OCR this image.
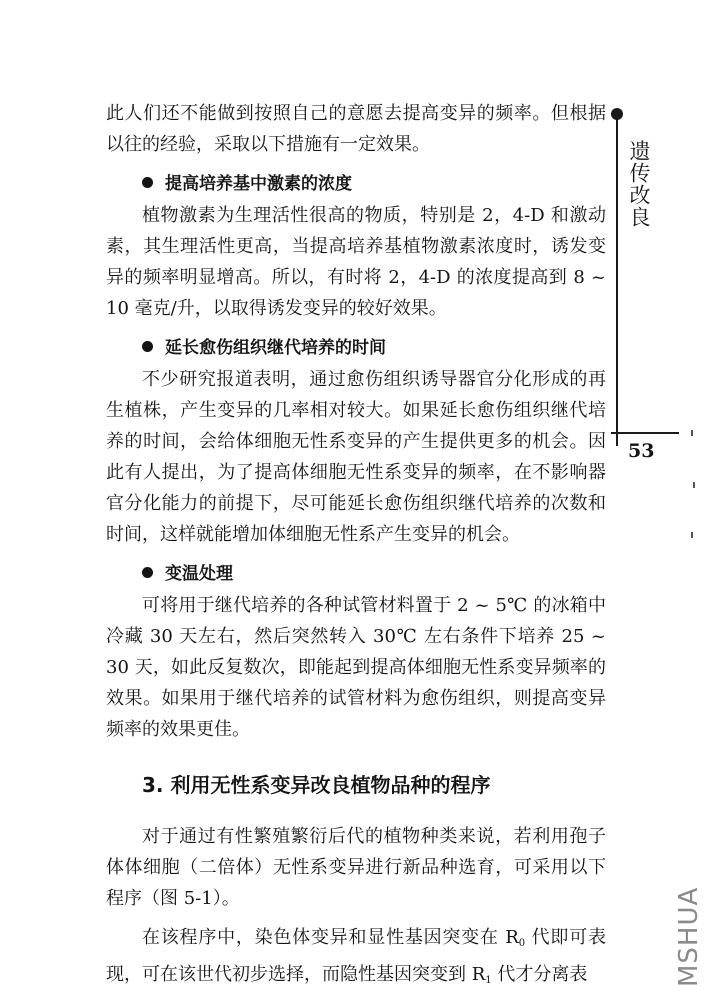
遗传改良
53

此人们还不能做到按照自己的意愿去提高变异的频率。但根据以往的经验，采取以下措施有一定效果。

提高培养基中激素的浓度

植物激素为生理活性很高的物质，特别是 2，4-D 和激动素，其生理活性更高，当提高培养基植物激素浓度时，诱发变异的频率明显增高。所以，有时将 2，4-D 的浓度提高到 8 ~ 10 毫克/升，以取得诱发变异的较好效果。

延长愈伤组织继代培养的时间

不少研究报道表明，通过愈伤组织诱导器官分化形成的再生植株，产生变异的几率相对较大。如果延长愈伤组织继代培养的时间，会给体细胞无性系变异的产生提供更多的机会。因此有人提出，为了提高体细胞无性系变异的频率，在不影响器官分化能力的前提下，尽可能延长愈伤组织继代培养的次数和时间，这样就能增加体细胞无性系产生变异的机会。

变温处理

可将用于继代培养的各种试管材料置于 2 ~ 5℃ 的冰箱中冷藏 30 天左右，然后突然转入 30℃ 左右条件下培养 25 ~ 30 天，如此反复数次，即能起到提高体细胞无性系变异频率的效果。如果用于继代培养的试管材料为愈伤组织，则提高变异频率的效果更佳。

3. 利用无性系变异改良植物品种的程序

对于通过有性繁殖繁衍后代的植物种类来说，若利用孢子体体细胞（二倍体）无性系变异进行新品种选育，可采用以下程序（图 5-1）。

在该程序中，染色体变异和显性基因突变在 R0 代即可表现，可在该世代初步选择，而隐性基因突变到 R1 代才分离表	MSHUA
